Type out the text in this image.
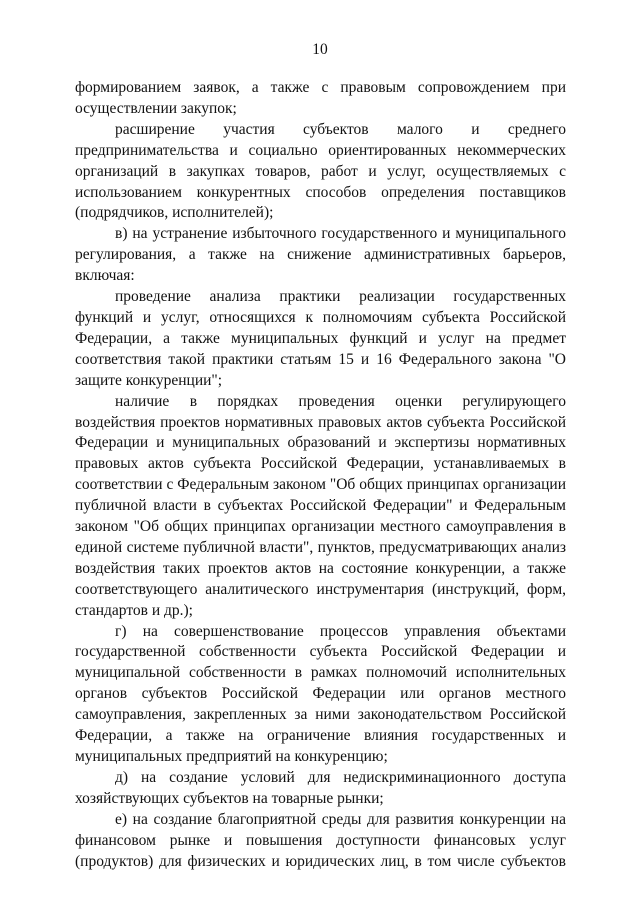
10

формированием заявок, а также с правовым сопровождением при осуществлении закупок;

расширение участия субъектов малого и среднего предпринимательства и социально ориентированных некоммерческих организаций в закупках товаров, работ и услуг, осуществляемых с использованием конкурентных способов определения поставщиков (подрядчиков, исполнителей);

в) на устранение избыточного государственного и муниципального регулирования, а также на снижение административных барьеров, включая:

проведение анализа практики реализации государственных функций и услуг, относящихся к полномочиям субъекта Российской Федерации, а также муниципальных функций и услуг на предмет соответствия такой практики статьям 15 и 16 Федерального закона "О защите конкуренции";

наличие в порядках проведения оценки регулирующего воздействия проектов нормативных правовых актов субъекта Российской Федерации и муниципальных образований и экспертизы нормативных правовых актов субъекта Российской Федерации, устанавливаемых в соответствии с Федеральным законом "Об общих принципах организации публичной власти в субъектах Российской Федерации" и Федеральным законом "Об общих принципах организации местного самоуправления в единой системе публичной власти", пунктов, предусматривающих анализ воздействия таких проектов актов на состояние конкуренции, а также соответствующего аналитического инструментария (инструкций, форм, стандартов и др.);

г) на совершенствование процессов управления объектами государственной собственности субъекта Российской Федерации и муниципальной собственности в рамках полномочий исполнительных органов субъектов Российской Федерации или органов местного самоуправления, закрепленных за ними законодательством Российской Федерации, а также на ограничение влияния государственных и муниципальных предприятий на конкуренцию;

д) на создание условий для недискриминационного доступа хозяйствующих субъектов на товарные рынки;

е) на создание благоприятной среды для развития конкуренции на финансовом рынке и повышения доступности финансовых услуг (продуктов) для физических и юридических лиц, в том числе субъектов
